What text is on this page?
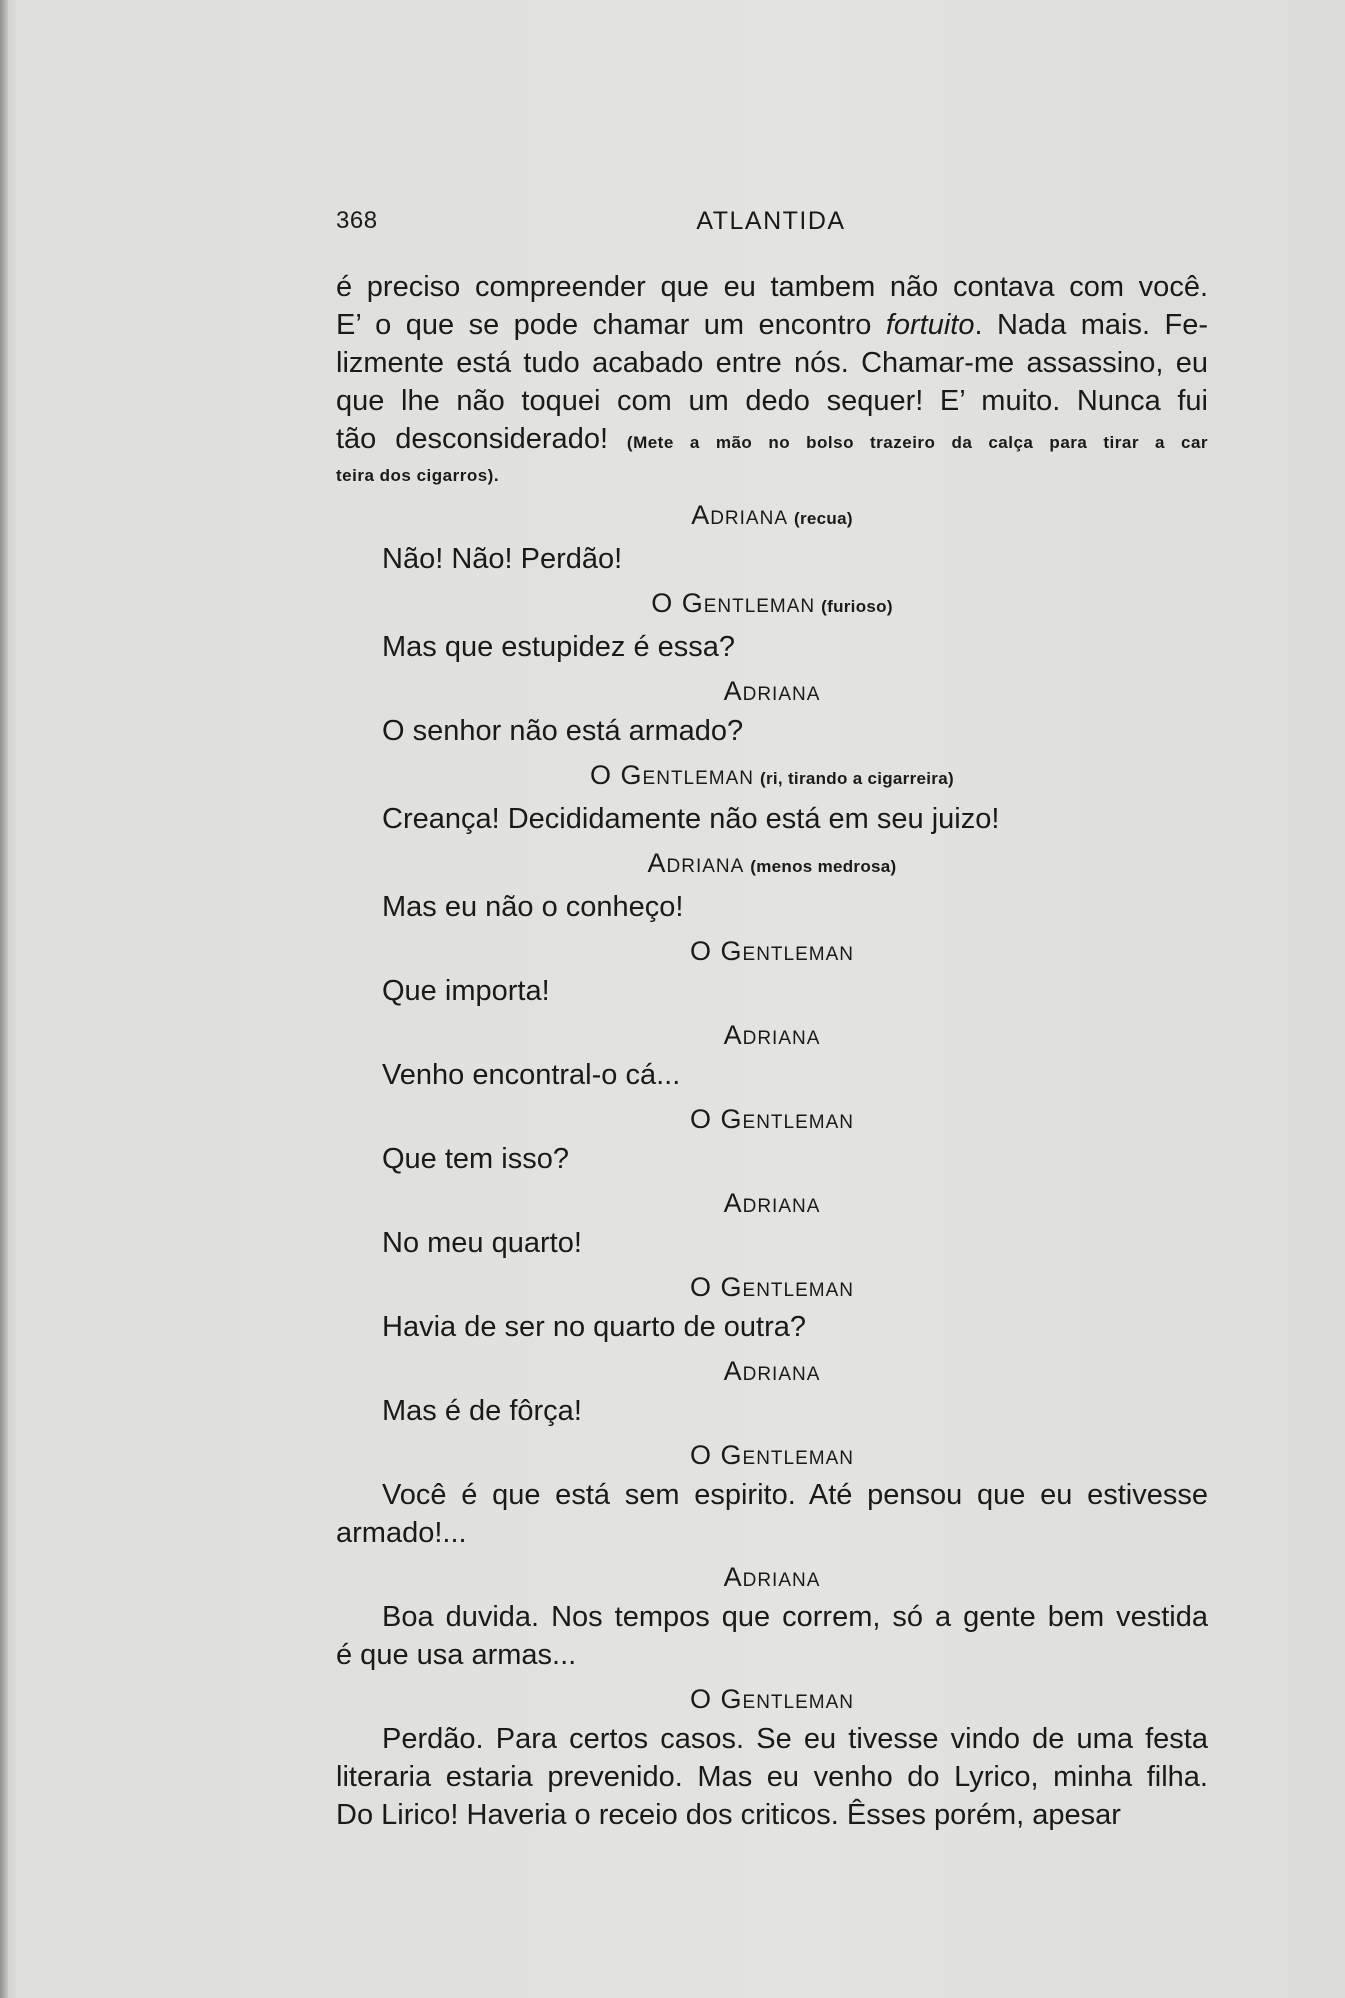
368	ATLANTIDA
é preciso compreender que eu tambem não contava com você.
E’ o que se pode chamar um encontro fortuito. Nada mais. Fe-
lizmente está tudo acabado entre nós. Chamar-me assassino, eu
que lhe não toquei com um dedo sequer! E’ muito. Nunca fui
tão desconsiderado! (Mete a mão no bolso trazeiro da calça para tirar a car
teira dos cigarros).
Adriana (recua)
Não! Não! Perdão!
O Gentleman (furioso)
Mas que estupidez é essa?
Adriana
O senhor não está armado?
O Gentleman (ri, tirando a cigarreira)
Creança! Decididamente não está em seu juizo!
Adriana (menos medrosa)
Mas eu não o conheço!
O Gentleman
Que importa!
Adriana
Venho encontral-o cá...
O Gentleman
Que tem isso?
Adriana
No meu quarto!
O Gentleman
Havia de ser no quarto de outra?
Adriana
Mas é de fôrça!
O Gentleman
Você é que está sem espirito. Até pensou que eu estivesse
armado!...
Adriana
Boa duvida. Nos tempos que correm, só a gente bem vestida
é que usa armas...
O Gentleman
Perdão. Para certos casos. Se eu tivesse vindo de uma festa
literaria estaria prevenido. Mas eu venho do Lyrico, minha filha.
Do Lirico! Haveria o receio dos criticos. Êsses porém, apesar
